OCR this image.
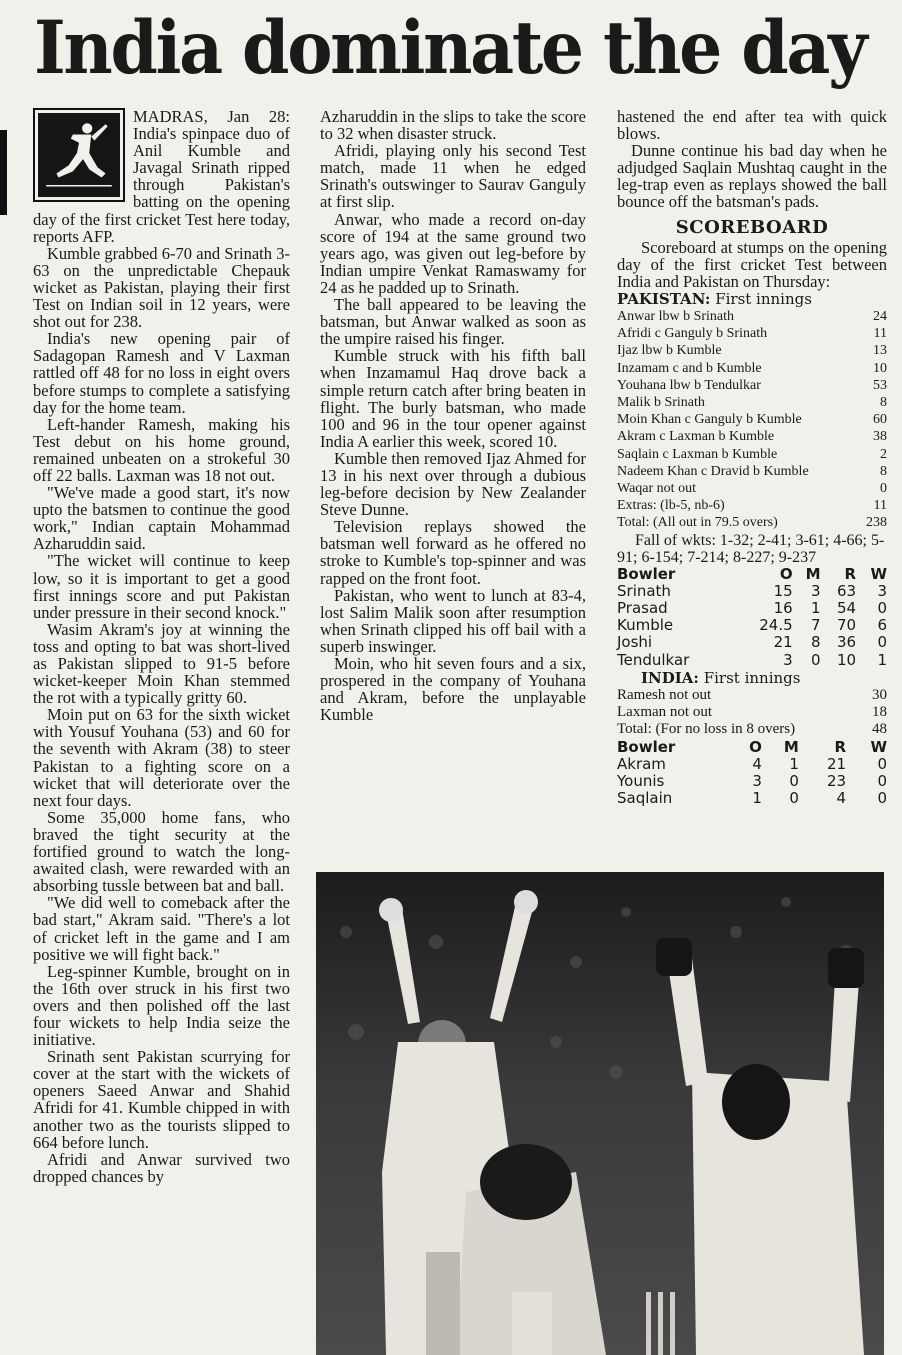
India dominate the day

MADRAS, Jan 28: India's spinpace duo of Anil Kumble and Javagal Srinath ripped through Pakistan's batting on the opening day of the first cricket Test here today, reports AFP.

Kumble grabbed 6-70 and Srinath 3-63 on the unpredictable Chepauk wicket as Pakistan, playing their first Test on Indian soil in 12 years, were shot out for 238.

India's new opening pair of Sadagopan Ramesh and V Laxman rattled off 48 for no loss in eight overs before stumps to complete a satisfying day for the home team.

Left-hander Ramesh, making his Test debut on his home ground, remained unbeaten on a strokeful 30 off 22 balls. Laxman was 18 not out.

"We've made a good start, it's now upto the batsmen to continue the good work," Indian captain Mohammad Azharuddin said.

"The wicket will continue to keep low, so it is important to get a good first innings score and put Pakistan under pressure in their second knock."

Wasim Akram's joy at winning the toss and opting to bat was short-lived as Pakistan slipped to 91-5 before wicket-keeper Moin Khan stemmed the rot with a typically gritty 60.

Moin put on 63 for the sixth wicket with Yousuf Youhana (53) and 60 for the seventh with Akram (38) to steer Pakistan to a fighting score on a wicket that will deteriorate over the next four days.

Some 35,000 home fans, who braved the tight security at the fortified ground to watch the long-awaited clash, were rewarded with an absorbing tussle between bat and ball.

"We did well to comeback after the bad start," Akram said. "There's a lot of cricket left in the game and I am positive we will fight back."

Leg-spinner Kumble, brought on in the 16th over struck in his first two overs and then polished off the last four wickets to help India seize the initiative.

Srinath sent Pakistan scurrying for cover at the start with the wickets of openers Saeed Anwar and Shahid Afridi for 41. Kumble chipped in with another two as the tourists slipped to 664 before lunch.

Afridi and Anwar survived two dropped chances by

Azharuddin in the slips to take the score to 32 when disaster struck.

Afridi, playing only his second Test match, made 11 when he edged Srinath's outswinger to Saurav Ganguly at first slip.

Anwar, who made a record on-day score of 194 at the same ground two years ago, was given out leg-before by Indian umpire Venkat Ramaswamy for 24 as he padded up to Srinath.

The ball appeared to be leaving the batsman, but Anwar walked as soon as the umpire raised his finger.

Kumble struck with his fifth ball when Inzamamul Haq drove back a simple return catch after bring beaten in flight. The burly batsman, who made 100 and 96 in the tour opener against India A earlier this week, scored 10.

Kumble then removed Ijaz Ahmed for 13 in his next over through a dubious leg-before decision by New Zealander Steve Dunne.

Television replays showed the batsman well forward as he offered no stroke to Kumble's top-spinner and was rapped on the front foot.

Pakistan, who went to lunch at 83-4, lost Salim Malik soon after resumption when Srinath clipped his off bail with a superb inswinger.

Moin, who hit seven fours and a six, prospered in the company of Youhana and Akram, before the unplayable Kumble

hastened the end after tea with quick blows.

Dunne continue his bad day when he adjudged Saqlain Mushtaq caught in the leg-trap even as replays showed the ball bounce off the batsman's pads.

SCOREBOARD

Scoreboard at stumps on the opening day of the first cricket Test between India and Pakistan on Thursday:

PAKISTAN: First innings
Anwar lbw b Srinath	24
Afridi c Ganguly b Srinath	11
Ijaz lbw b Kumble	13
Inzamam c and b Kumble	10
Youhana lbw b Tendulkar	53
Malik b Srinath	8
Moin Khan c Ganguly b Kumble	60
Akram c Laxman b Kumble	38
Saqlain c Laxman b Kumble	2
Nadeem Khan c Dravid b Kumble	8
Waqar not out	0
Extras: (lb-5, nb-6)	11
Total: (All out in 79.5 overs)	238
Fall of wkts: 1-32; 2-41; 3-61; 4-66; 5-91; 6-154; 7-214; 8-227; 9-237
Bowler	O	M	R	W
Srinath	15	3	63	3
Prasad	16	1	54	0
Kumble	24.5	7	70	6
Joshi	21	8	36	0
Tendulkar	3	0	10	1
INDIA: First innings
Ramesh not out	30
Laxman not out	18
Total: (For no loss in 8 overs)	48
Bowler	O	M	R	W
Akram	4	1	21	0
Younis	3	0	23	0
Saqlain	1	0	4	0
